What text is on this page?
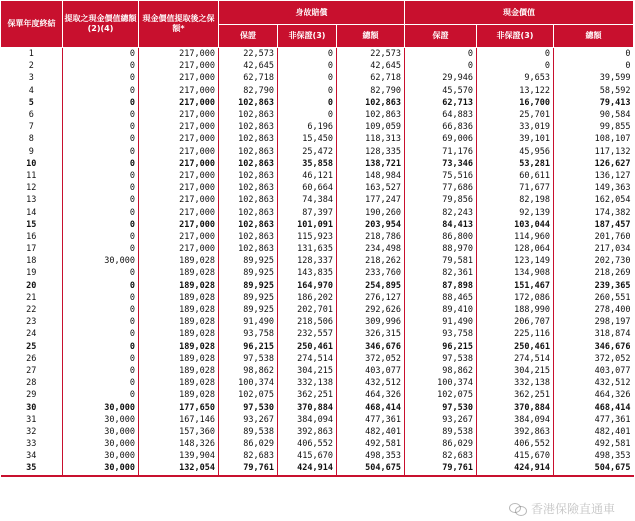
保單年度終結	提取之現金價值總額(2)(4)	現金價值提取後之保額*	身故賠償			現金價值		
			保證	非保證(3)	總額	保證	非保證(3)	總額
1	0	217,000	22,573	0	22,573	0	0	0
2	0	217,000	42,645	0	42,645	0	0	0
3	0	217,000	62,718	0	62,718	29,946	9,653	39,599
4	0	217,000	82,790	0	82,790	45,570	13,122	58,592
5	0	217,000	102,863	0	102,863	62,713	16,700	79,413
6	0	217,000	102,863	0	102,863	64,883	25,701	90,584
7	0	217,000	102,863	6,196	109,059	66,836	33,019	99,855
8	0	217,000	102,863	15,450	118,313	69,006	39,101	108,107
9	0	217,000	102,863	25,472	128,335	71,176	45,956	117,132
10	0	217,000	102,863	35,858	138,721	73,346	53,281	126,627
11	0	217,000	102,863	46,121	148,984	75,516	60,611	136,127
12	0	217,000	102,863	60,664	163,527	77,686	71,677	149,363
13	0	217,000	102,863	74,384	177,247	79,856	82,198	162,054
14	0	217,000	102,863	87,397	190,260	82,243	92,139	174,382
15	0	217,000	102,863	101,091	203,954	84,413	103,044	187,457
16	0	217,000	102,863	115,923	218,786	86,800	114,960	201,760
17	0	217,000	102,863	131,635	234,498	88,970	128,064	217,034
18	30,000	189,028	89,925	128,337	218,262	79,581	123,149	202,730
19	0	189,028	89,925	143,835	233,760	82,361	134,908	218,269
20	0	189,028	89,925	164,970	254,895	87,898	151,467	239,365
21	0	189,028	89,925	186,202	276,127	88,465	172,086	260,551
22	0	189,028	89,925	202,701	292,626	89,410	188,990	278,400
23	0	189,028	91,490	218,506	309,996	91,490	206,707	298,197
24	0	189,028	93,758	232,557	326,315	93,758	225,116	318,874
25	0	189,028	96,215	250,461	346,676	96,215	250,461	346,676
26	0	189,028	97,538	274,514	372,052	97,538	274,514	372,052
27	0	189,028	98,862	304,215	403,077	98,862	304,215	403,077
28	0	189,028	100,374	332,138	432,512	100,374	332,138	432,512
29	0	189,028	102,075	362,251	464,326	102,075	362,251	464,326
30	30,000	177,650	97,530	370,884	468,414	97,530	370,884	468,414
31	30,000	167,146	93,267	384,094	477,361	93,267	384,094	477,361
32	30,000	157,360	89,538	392,863	482,401	89,538	392,863	482,401
33	30,000	148,326	86,029	406,552	492,581	86,029	406,552	492,581
34	30,000	139,904	82,683	415,670	498,353	82,683	415,670	498,353
35	30,000	132,054	79,761	424,914	504,675	79,761	424,914	504,675
香港保險直通車
